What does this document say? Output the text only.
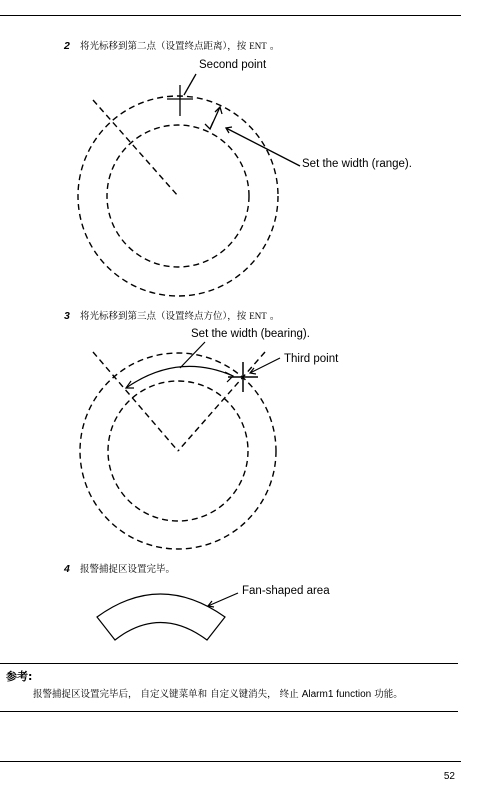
2 将光标移到第二点（设置终点距离），按 ENT 。
Second point
Set the width (range).
3 将光标移到第三点（设置终点方位），按 ENT 。
Set the width (bearing).
Third point
4 报警捕捉区设置完毕。
Fan-shaped area
参考:
报警捕捉区设置完毕后， 自定义键菜单和 自定义键消失， 终止 Alarm1 function 功能。
52
